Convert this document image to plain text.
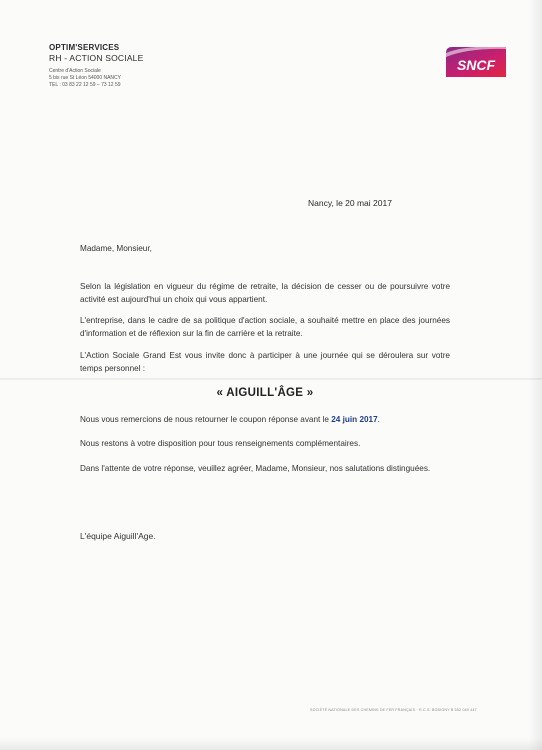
OPTIM'SERVICES
RH - ACTION SOCIALE
Centre d'Action Sociale
5 bis rue St Léon 54000 NANCY
TEL : 03 83 22 12 59 – 73 12 59
SNCF
Nancy, le 20 mai 2017
Madame, Monsieur,
Selon la législation en vigueur du régime de retraite, la décision de cesser ou de poursuivre votre activité est aujourd'hui un choix qui vous appartient.
L'entreprise, dans le cadre de sa politique d'action sociale, a souhaité mettre en place des journées d'information et de réflexion sur la fin de carrière et la retraite.
L'Action Sociale Grand Est vous invite donc à participer à une journée qui se déroulera sur votre temps personnel :
« AIGUILL'ÂGE »
Nous vous remercions de nous retourner le coupon réponse avant le 24 juin 2017.
Nous restons à votre disposition pour tous renseignements complémentaires.
Dans l'attente de votre réponse, veuillez agréer, Madame, Monsieur, nos salutations distinguées.
L'équipe Aiguill'Age.
SOCIÉTÉ NATIONALE DES CHEMINS DE FER FRANÇAIS · R.C.S. BOBIGNY B 552 049 447
